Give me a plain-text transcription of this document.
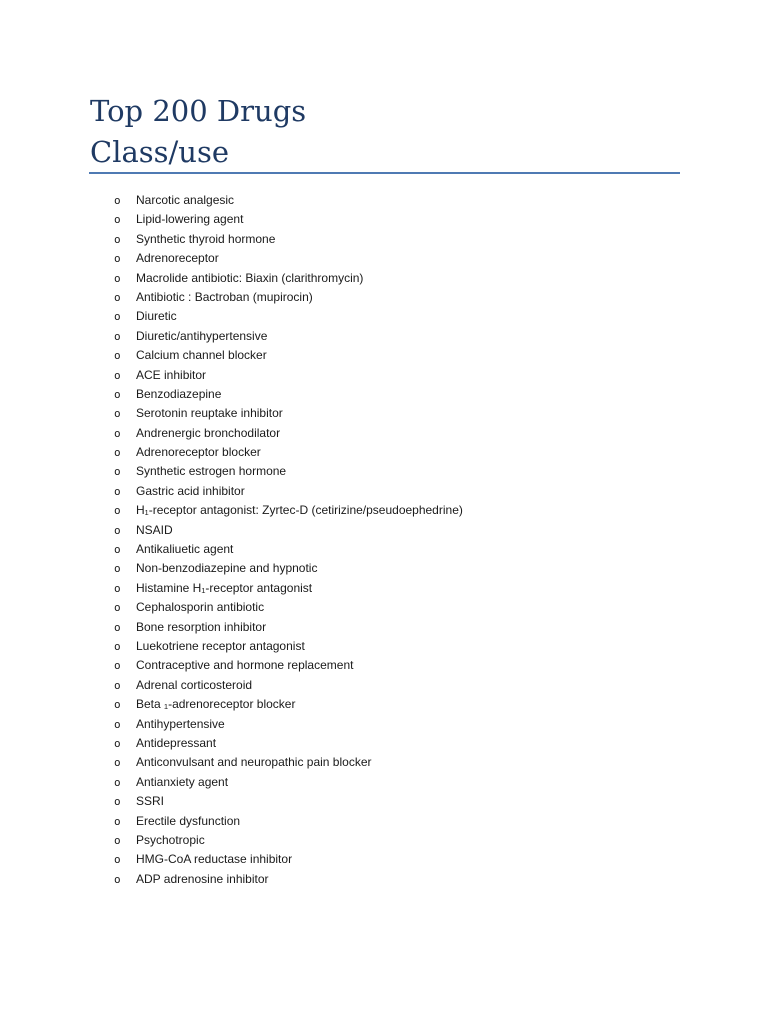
Top 200 Drugs
Class/use
o Narcotic analgesic
o Lipid-lowering agent
o Synthetic thyroid hormone
o Adrenoreceptor
o Macrolide antibiotic: Biaxin (clarithromycin)
o Antibiotic : Bactroban (mupirocin)
o Diuretic
o Diuretic/antihypertensive
o Calcium channel blocker
o ACE inhibitor
o Benzodiazepine
o Serotonin reuptake inhibitor
o Andrenergic bronchodilator
o Adrenoreceptor blocker
o Synthetic estrogen hormone
o Gastric acid inhibitor
o H₁-receptor antagonist: Zyrtec-D (cetirizine/pseudoephedrine)
o NSAID
o Antikaliuetic agent
o Non-benzodiazepine and hypnotic
o Histamine H₁-receptor antagonist
o Cephalosporin antibiotic
o Bone resorption inhibitor
o Luekotriene receptor antagonist
o Contraceptive and hormone replacement
o Adrenal corticosteroid
o Beta ₁-adrenoreceptor blocker
o Antihypertensive
o Antidepressant
o Anticonvulsant and neuropathic pain blocker
o Antianxiety agent
o SSRI
o Erectile dysfunction
o Psychotropic
o HMG-CoA reductase inhibitor
o ADP adrenosine inhibitor
